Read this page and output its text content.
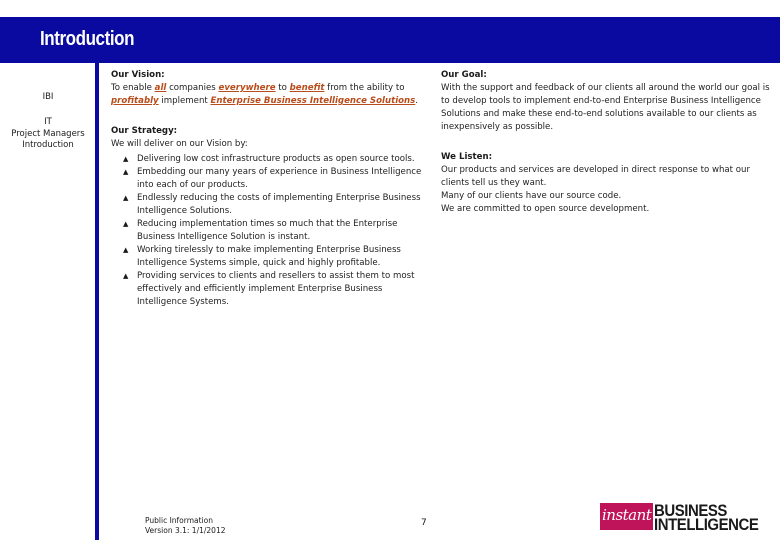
Introduction
IBI
IT
Project Managers Introduction
Our Vision:
To enable all companies everywhere to benefit from the ability to profitably implement Enterprise Business Intelligence Solutions.
Our Strategy:
We will deliver on our Vision by:
▲ Delivering low cost infrastructure products as open source tools.
▲ Embedding our many years of experience in Business Intelligence into each of our products.
▲ Endlessly reducing the costs of implementing Enterprise Business Intelligence Solutions.
▲ Reducing implementation times so much that the Enterprise Business Intelligence Solution is instant.
▲ Working tirelessly to make implementing Enterprise Business Intelligence Systems simple, quick and highly profitable.
▲ Providing services to clients and resellers to assist them to most effectively and efficiently implement Enterprise Business Intelligence Systems.
Our Goal:
With the support and feedback of our clients all around the world our goal is to develop tools to implement end-to-end Enterprise Business Intelligence Solutions and make these end-to-end solutions available to our clients as inexpensively as possible.
We Listen:
Our products and services are developed in direct response to what our clients tell us they want.
Many of our clients have our source code.
We are committed to open source development.
Public Information
Version 3.1: 1/1/2012
7	instant BUSINESS
INTELLIGENCE
